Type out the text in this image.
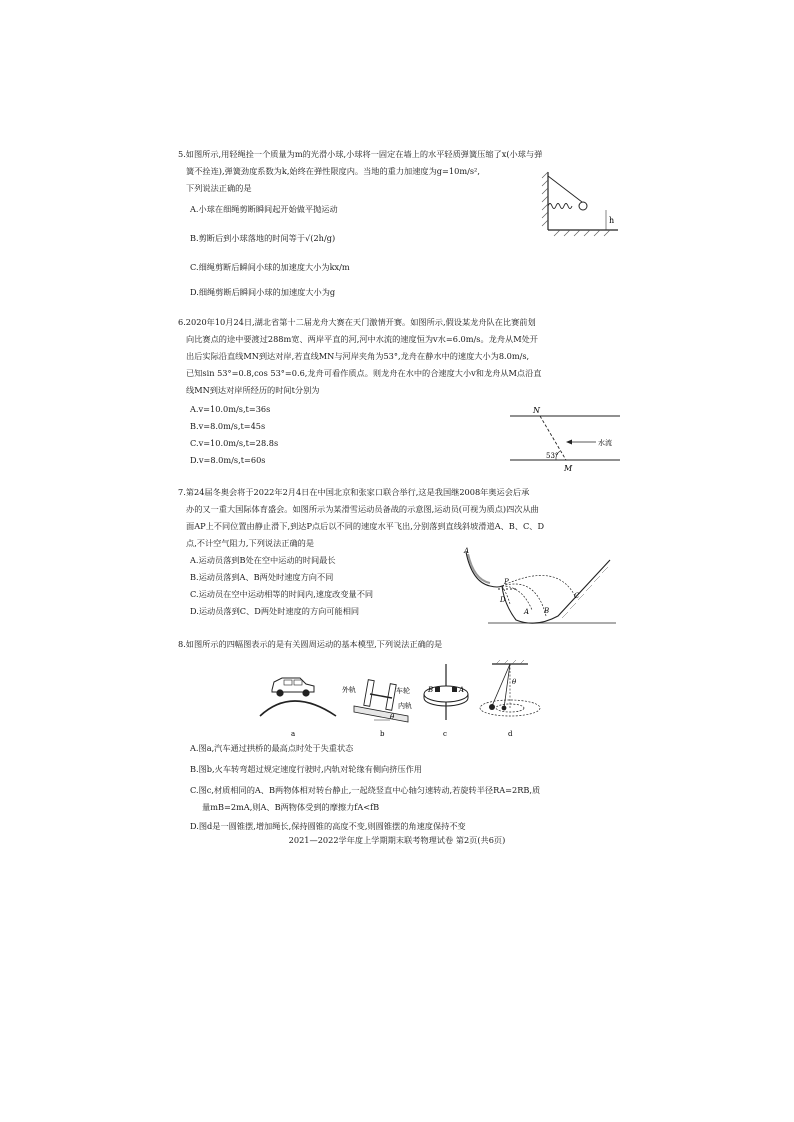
5.如图所示,用轻绳拴一个质量为m的光滑小球,小球将一固定在墙上的水平轻质弹簧压缩了x(小球与弹

簧不拴连),弹簧劲度系数为k,始终在弹性限度内。当地的重力加速度为g=10m/s²,

下列说法正确的是

A.小球在细绳剪断瞬间起开始做平抛运动

B.剪断后到小球落地的时间等于√(2h/g)

C.细绳剪断后瞬间小球的加速度大小为kx/m

D.细绳剪断后瞬间小球的加速度大小为g

h

6.2020年10月24日,湖北省第十二届龙舟大赛在天门激情开赛。如图所示,假设某龙舟队在比赛前划

向比赛点的途中要渡过288m宽、两岸平直的河,河中水流的速度恒为v水=6.0m/s。龙舟从M处开

出后实际沿直线MN到达对岸,若直线MN与河岸夹角为53°,龙舟在静水中的速度大小为8.0m/s,

已知sin 53°=0.8,cos 53°=0.6,龙舟可看作质点。则龙舟在水中的合速度大小v和龙舟从M点沿直

线MN到达对岸所经历的时间t分别为

A.v=10.0m/s,t=36s

B.v=8.0m/s,t=45s

C.v=10.0m/s,t=28.8s

D.v=8.0m/s,t=60s

N
M
53°
水流

7.第24届冬奥会将于2022年2月4日在中国北京和张家口联合举行,这是我国继2008年奥运会后承

办的又一重大国际体育盛会。如图所示为某滑雪运动员备战的示意图,运动员(可视为质点)四次从曲

面AP上不同位置由静止滑下,到达P点后以不同的速度水平飞出,分别落到直线斜坡滑道A、B、C、D

点,不计空气阻力,下列说法正确的是

A.运动员落到B处在空中运动的时间最长

B.运动员落到A、B两处时速度方向不同

C.运动员在空中运动相等的时间内,速度改变量不同

D.运动员落到C、D两处时速度的方向可能相同

A
P
D
A B
C

8.如图所示的四幅图表示的是有关圆周运动的基本模型,下列说法正确的是

a
外轨	车轮
内轨
θ
b
B	A
c
θ
d

A.图a,汽车通过拱桥的最高点时处于失重状态

B.图b,火车转弯超过规定速度行驶时,内轨对轮缘有侧向挤压作用

C.图c,材质相同的A、B两物体相对转台静止,一起绕竖直中心轴匀速转动,若旋转半径RA=2RB,质

量mB=2mA,则A、B两物体受到的摩擦力fA<fB

D.图d是一圆锥摆,增加绳长,保持圆锥的高度不变,则圆锥摆的角速度保持不变

2021—2022学年度上学期期末联考物理试卷 第2页(共6页)
